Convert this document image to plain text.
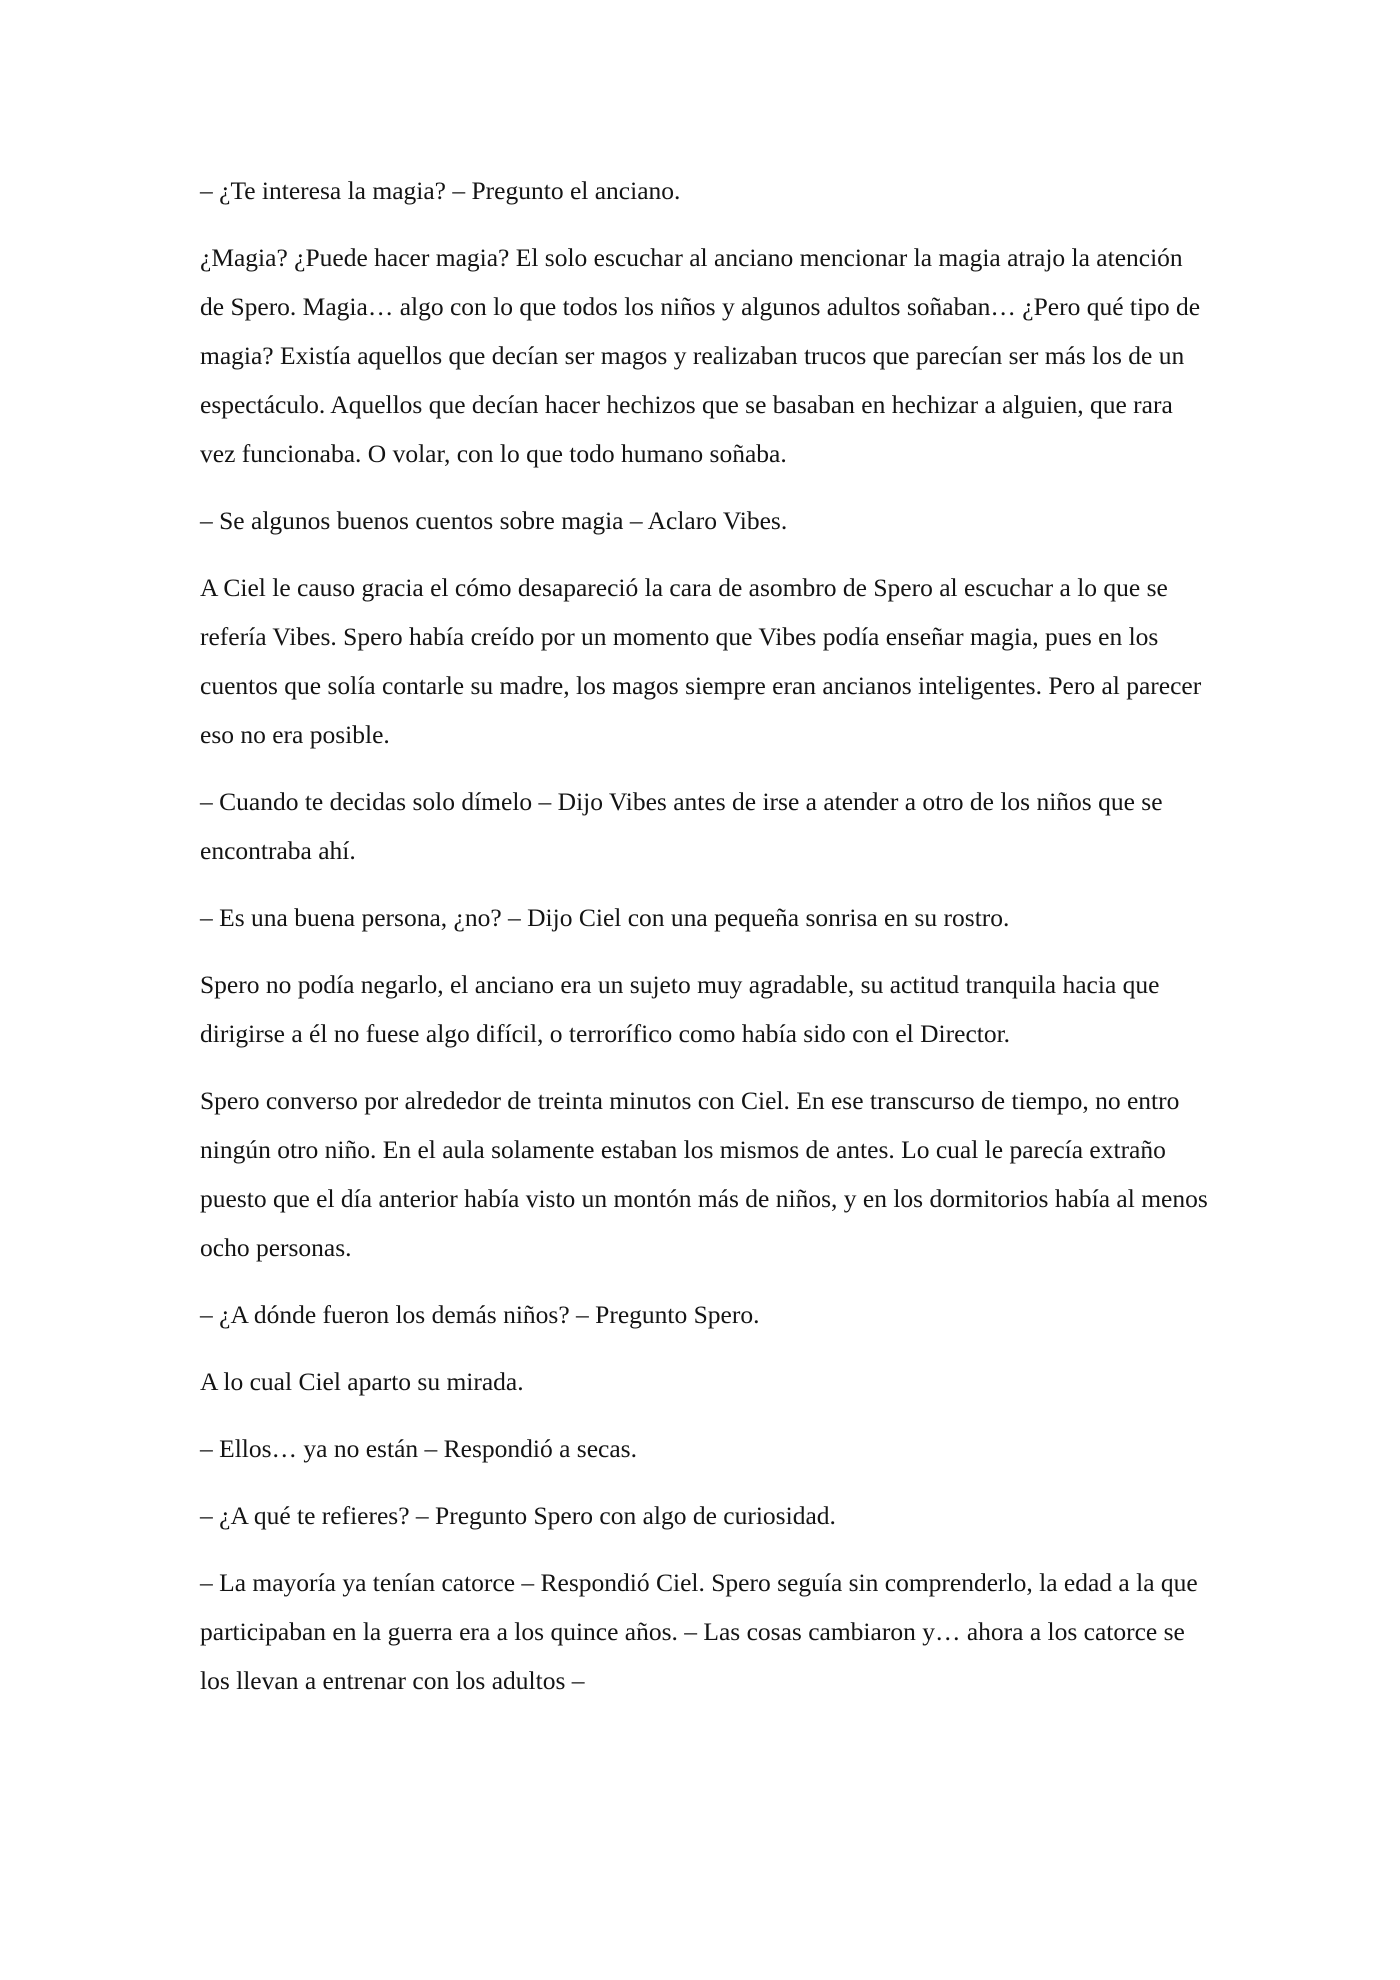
– ¿Te interesa la magia? – Pregunto el anciano.

¿Magia? ¿Puede hacer magia? El solo escuchar al anciano mencionar la magia atrajo la atención de Spero. Magia… algo con lo que todos los niños y algunos adultos soñaban… ¿Pero qué tipo de magia? Existía aquellos que decían ser magos y realizaban trucos que parecían ser más los de un espectáculo. Aquellos que decían hacer hechizos que se basaban en hechizar a alguien, que rara vez funcionaba. O volar, con lo que todo humano soñaba.

– Se algunos buenos cuentos sobre magia – Aclaro Vibes.

A Ciel le causo gracia el cómo desapareció la cara de asombro de Spero al escuchar a lo que se refería Vibes. Spero había creído por un momento que Vibes podía enseñar magia, pues en los cuentos que solía contarle su madre, los magos siempre eran ancianos inteligentes. Pero al parecer eso no era posible.

– Cuando te decidas solo dímelo – Dijo Vibes antes de irse a atender a otro de los niños que se encontraba ahí.

– Es una buena persona, ¿no? – Dijo Ciel con una pequeña sonrisa en su rostro.

Spero no podía negarlo, el anciano era un sujeto muy agradable, su actitud tranquila hacia que dirigirse a él no fuese algo difícil, o terrorífico como había sido con el Director.

Spero converso por alrededor de treinta minutos con Ciel. En ese transcurso de tiempo, no entro ningún otro niño. En el aula solamente estaban los mismos de antes. Lo cual le parecía extraño puesto que el día anterior había visto un montón más de niños, y en los dormitorios había al menos ocho personas.

– ¿A dónde fueron los demás niños? – Pregunto Spero.

A lo cual Ciel aparto su mirada.

– Ellos… ya no están – Respondió a secas.

– ¿A qué te refieres? – Pregunto Spero con algo de curiosidad.

– La mayoría ya tenían catorce – Respondió Ciel. Spero seguía sin comprenderlo, la edad a la que participaban en la guerra era a los quince años. – Las cosas cambiaron y… ahora a los catorce se los llevan a entrenar con los adultos –
